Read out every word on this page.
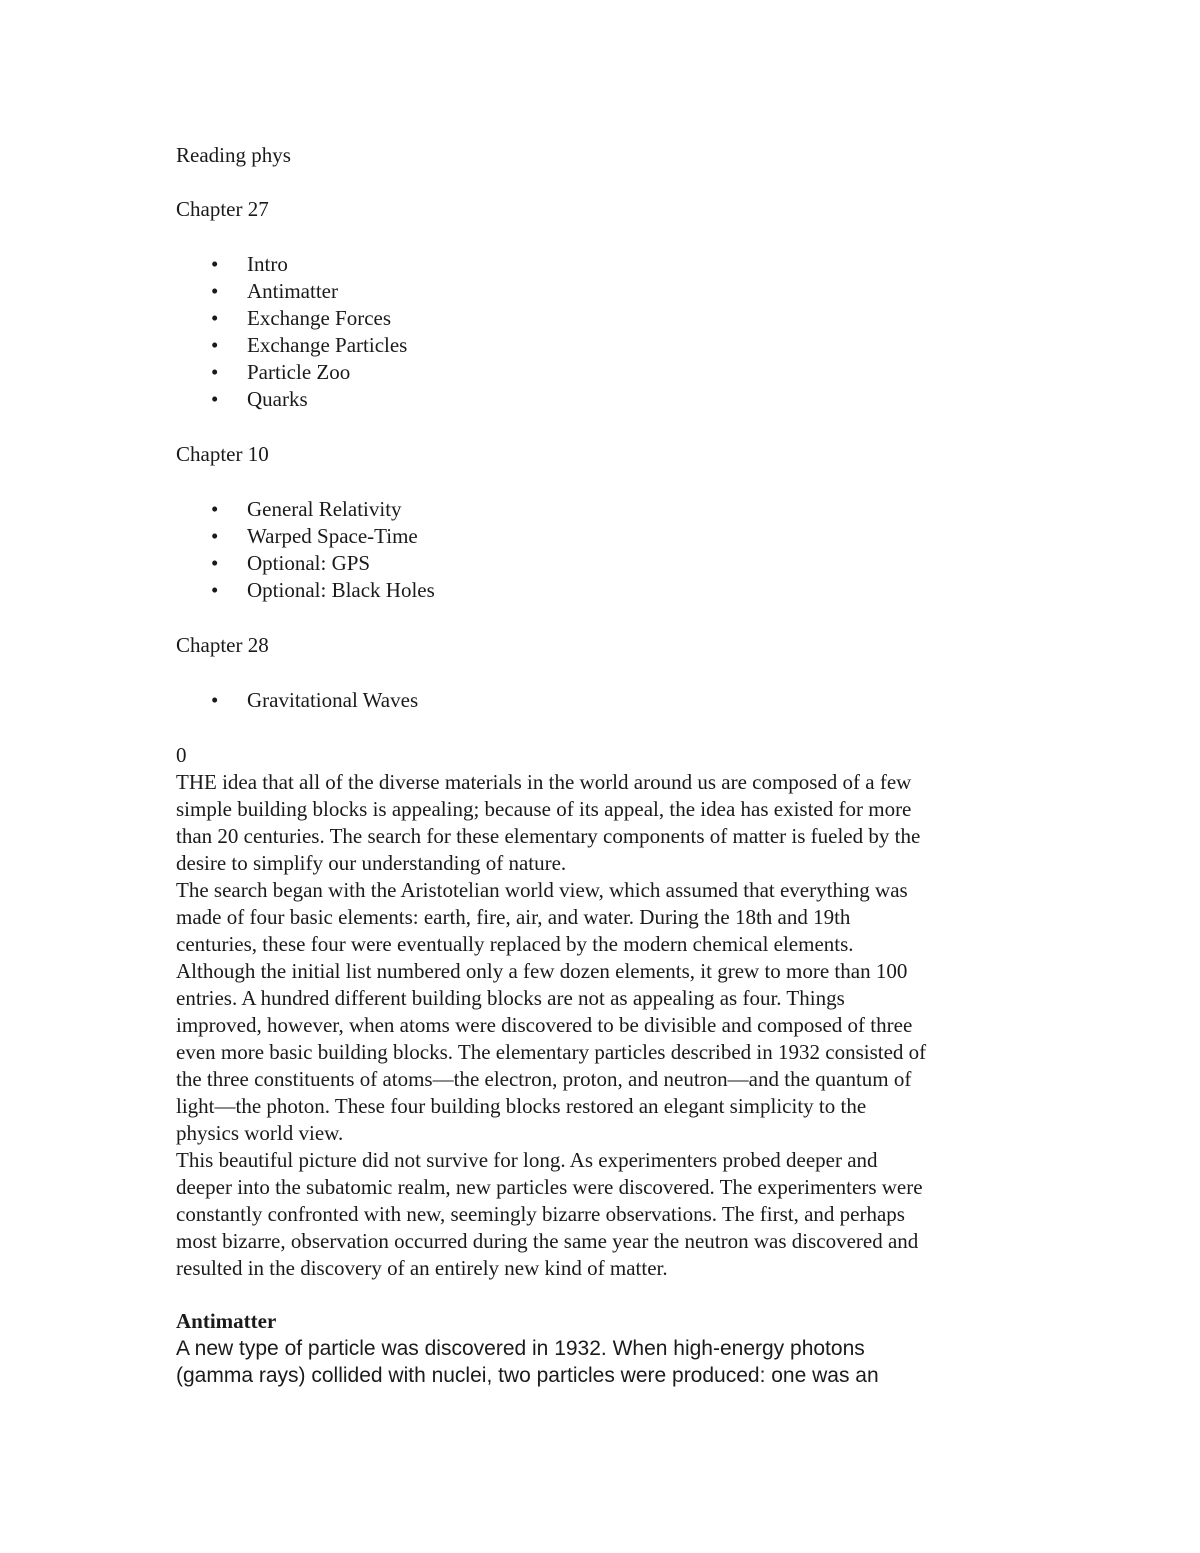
Reading phys

Chapter 27

• Intro
• Antimatter
• Exchange Forces
• Exchange Particles
• Particle Zoo
• Quarks

Chapter 10

• General Relativity
• Warped Space-Time
• Optional: GPS
• Optional: Black Holes

Chapter 28

• Gravitational Waves
0
THE idea that all of the diverse materials in the world around us are composed of a few
simple building blocks is appealing; because of its appeal, the idea has existed for more
than 20 centuries. The search for these elementary components of matter is fueled by the
desire to simplify our understanding of nature.
The search began with the Aristotelian world view, which assumed that everything was
made of four basic elements: earth, fire, air, and water. During the 18th and 19th
centuries, these four were eventually replaced by the modern chemical elements.
Although the initial list numbered only a few dozen elements, it grew to more than 100
entries. A hundred different building blocks are not as appealing as four. Things
improved, however, when atoms were discovered to be divisible and composed of three
even more basic building blocks. The elementary particles described in 1932 consisted of
the three constituents of atoms—the electron, proton, and neutron—and the quantum of
light—the photon. These four building blocks restored an elegant simplicity to the
physics world view.
This beautiful picture did not survive for long. As experimenters probed deeper and
deeper into the subatomic realm, new particles were discovered. The experimenters were
constantly confronted with new, seemingly bizarre observations. The first, and perhaps
most bizarre, observation occurred during the same year the neutron was discovered and
resulted in the discovery of an entirely new kind of matter.

Antimatter

A new type of particle was discovered in 1932. When high-energy photons
(gamma rays) collided with nuclei, two particles were produced: one was an
